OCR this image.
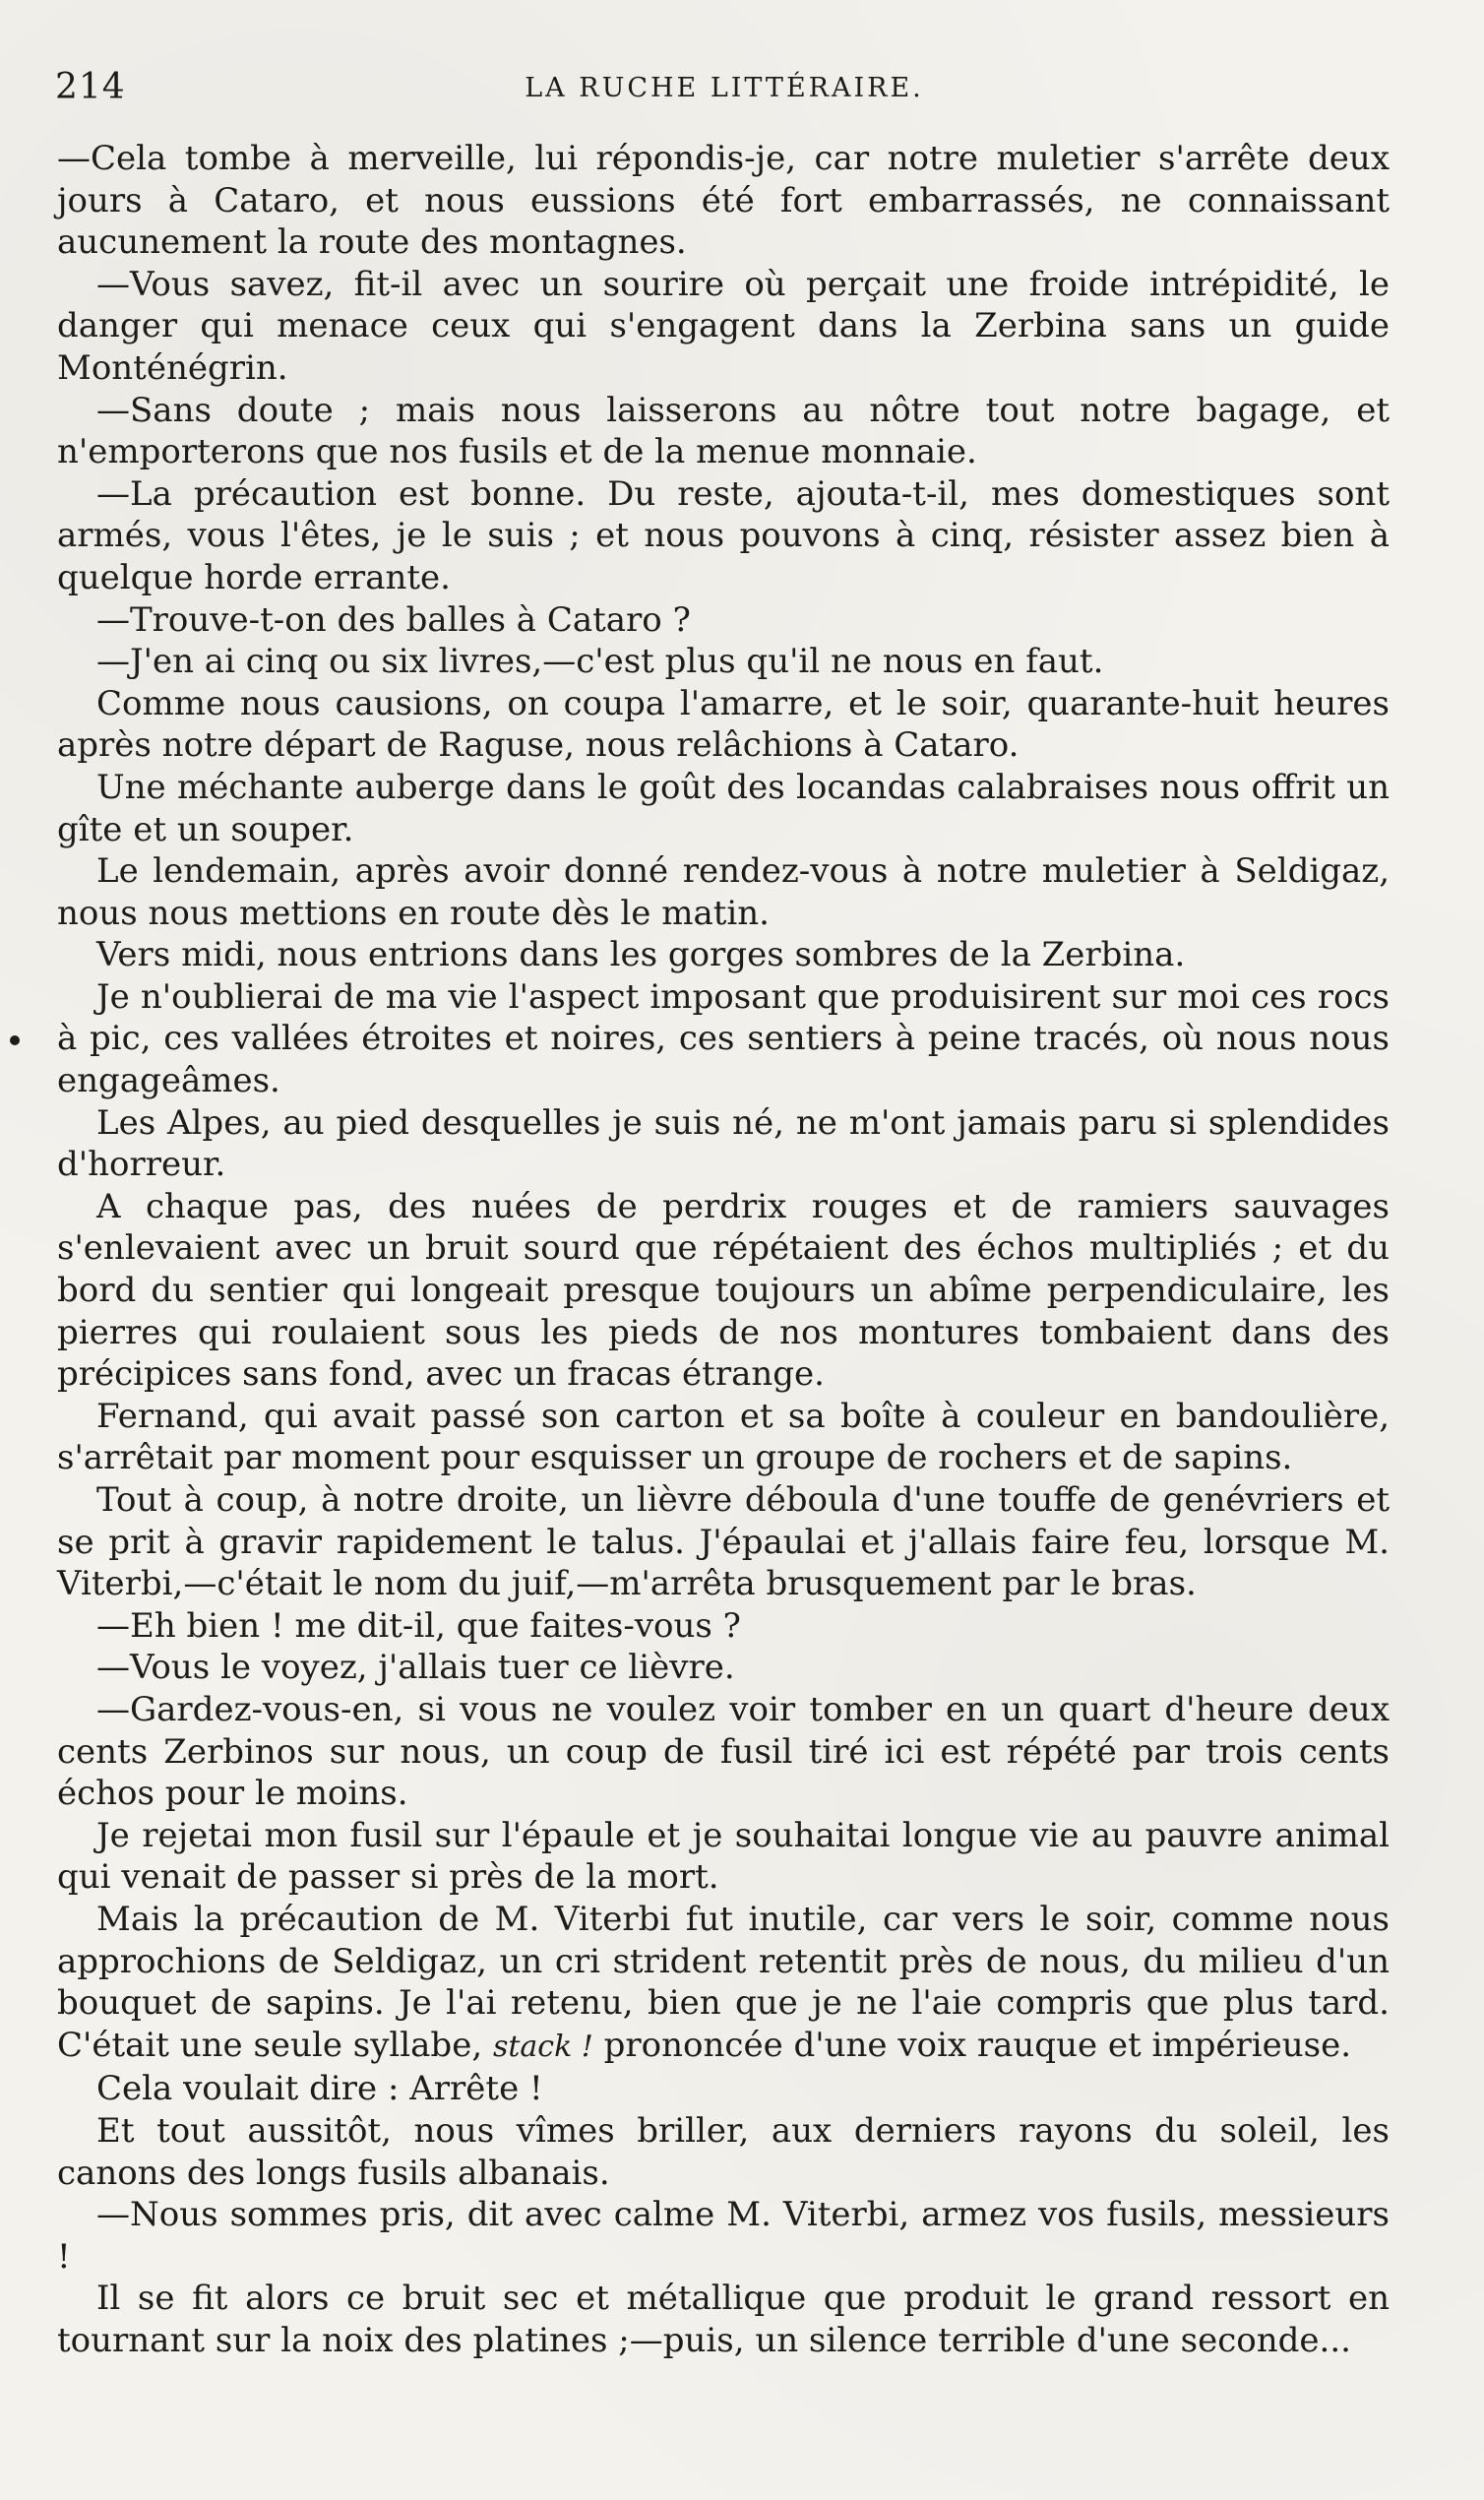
214	LA RUCHE LITTÉRAIRE.

—Cela tombe à merveille, lui répondis-je, car notre muletier s'arrête deux jours à Cataro, et nous eussions été fort embarrassés, ne connaissant aucunement la route des montagnes.

—Vous savez, fit-il avec un sourire où perçait une froide intrépidité, le danger qui menace ceux qui s'engagent dans la Zerbina sans un guide Monténégrin.

—Sans doute ; mais nous laisserons au nôtre tout notre bagage, et n'emporterons que nos fusils et de la menue monnaie.

—La précaution est bonne. Du reste, ajouta-t-il, mes domestiques sont armés, vous l'êtes, je le suis ; et nous pouvons à cinq, résister assez bien à quelque horde errante.

—Trouve-t-on des balles à Cataro ?

—J'en ai cinq ou six livres,—c'est plus qu'il ne nous en faut.

Comme nous causions, on coupa l'amarre, et le soir, quarante-huit heures après notre départ de Raguse, nous relâchions à Cataro.

Une méchante auberge dans le goût des locandas calabraises nous offrit un gîte et un souper.

Le lendemain, après avoir donné rendez-vous à notre muletier à Seldigaz, nous nous mettions en route dès le matin.

Vers midi, nous entrions dans les gorges sombres de la Zerbina.

Je n'oublierai de ma vie l'aspect imposant que produisirent sur moi ces rocs à pic, ces vallées étroites et noires, ces sentiers à peine tracés, où nous nous engageâmes.

Les Alpes, au pied desquelles je suis né, ne m'ont jamais paru si splendides d'horreur.

A chaque pas, des nuées de perdrix rouges et de ramiers sauvages s'enlevaient avec un bruit sourd que répétaient des échos multipliés ; et du bord du sentier qui longeait presque toujours un abîme perpendiculaire, les pierres qui roulaient sous les pieds de nos montures tombaient dans des précipices sans fond, avec un fracas étrange.

Fernand, qui avait passé son carton et sa boîte à couleur en bandoulière, s'arrêtait par moment pour esquisser un groupe de rochers et de sapins.

Tout à coup, à notre droite, un lièvre déboula d'une touffe de genévriers et se prit à gravir rapidement le talus. J'épaulai et j'allais faire feu, lorsque M. Viterbi,—c'était le nom du juif,—m'arrêta brusquement par le bras.

—Eh bien ! me dit-il, que faites-vous ?

—Vous le voyez, j'allais tuer ce lièvre.

—Gardez-vous-en, si vous ne voulez voir tomber en un quart d'heure deux cents Zerbinos sur nous, un coup de fusil tiré ici est répété par trois cents échos pour le moins.

Je rejetai mon fusil sur l'épaule et je souhaitai longue vie au pauvre animal qui venait de passer si près de la mort.

Mais la précaution de M. Viterbi fut inutile, car vers le soir, comme nous approchions de Seldigaz, un cri strident retentit près de nous, du milieu d'un bouquet de sapins. Je l'ai retenu, bien que je ne l'aie compris que plus tard. C'était une seule syllabe, stack ! prononcée d'une voix rauque et impérieuse.

Cela voulait dire : Arrête !

Et tout aussitôt, nous vîmes briller, aux derniers rayons du soleil, les canons des longs fusils albanais.

—Nous sommes pris, dit avec calme M. Viterbi, armez vos fusils, messieurs !

Il se fit alors ce bruit sec et métallique que produit le grand ressort en tournant sur la noix des platines ;—puis, un silence terrible d'une seconde...
